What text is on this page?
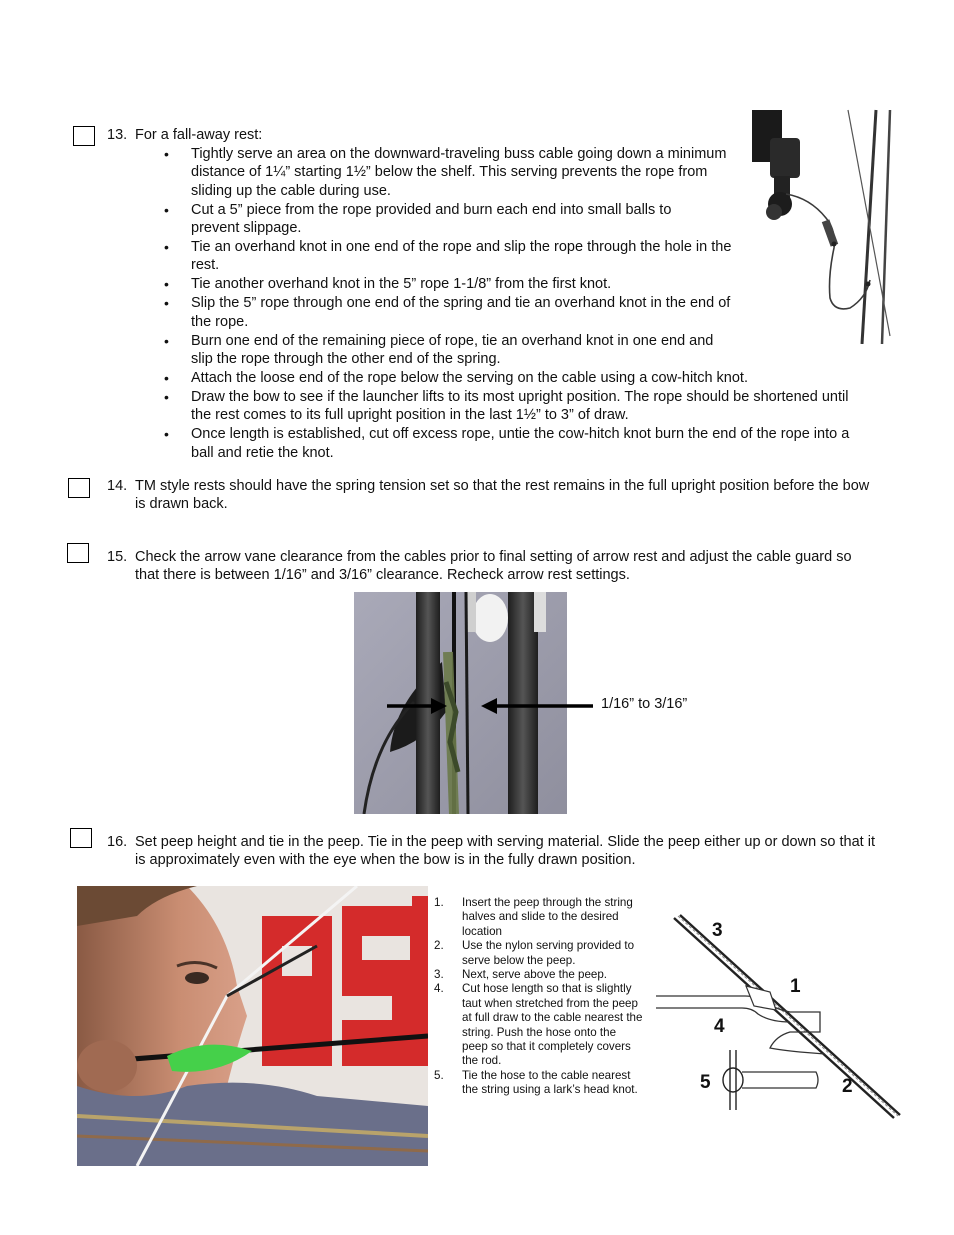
13. For a fall-away rest:
• Tightly serve an area on the downward-traveling buss cable going down a minimum distance of 1¼” starting 1½” below the shelf. This serving prevents the rope from sliding up the cable during use.
• Cut a 5” piece from the rope provided and burn each end into small balls to prevent slippage.
• Tie an overhand knot in one end of the rope and slip the rope through the hole in the rest.
• Tie another overhand knot in the 5” rope 1-1/8” from the first knot.
• Slip the 5” rope through one end of the spring and tie an overhand knot in the end of the rope.
• Burn one end of the remaining piece of rope, tie an overhand knot in one end and slip the rope through the other end of the spring.
• Attach the loose end of the rope below the serving on the cable using a cow-hitch knot.
• Draw the bow to see if the launcher lifts to its most upright position. The rope should be shortened until the rest comes to its full upright position in the last 1½” to 3” of draw.
• Once length is established, cut off excess rope, untie the cow-hitch knot burn the end of the rope into a ball and retie the knot.
14. TM style rests should have the spring tension set so that the rest remains in the full upright position before the bow is drawn back.
15. Check the arrow vane clearance from the cables prior to final setting of arrow rest and adjust the cable guard so that there is between 1/16” and 3/16” clearance. Recheck arrow rest settings.
1/16” to 3/16”
16. Set peep height and tie in the peep. Tie in the peep with serving material. Slide the peep either up or down so that it is approximately even with the eye when the bow is in the fully drawn position.
1. Insert the peep through the string halves and slide to the desired location
2. Use the nylon serving provided to serve below the peep.
3. Next, serve above the peep.
4. Cut hose length so that is slightly taut when stretched from the peep at full draw to the cable nearest the string. Push the hose onto the peep so that it completely covers the rod.
5. Tie the hose to the cable nearest the string using a lark’s head knot.
3
1
4
5	2
